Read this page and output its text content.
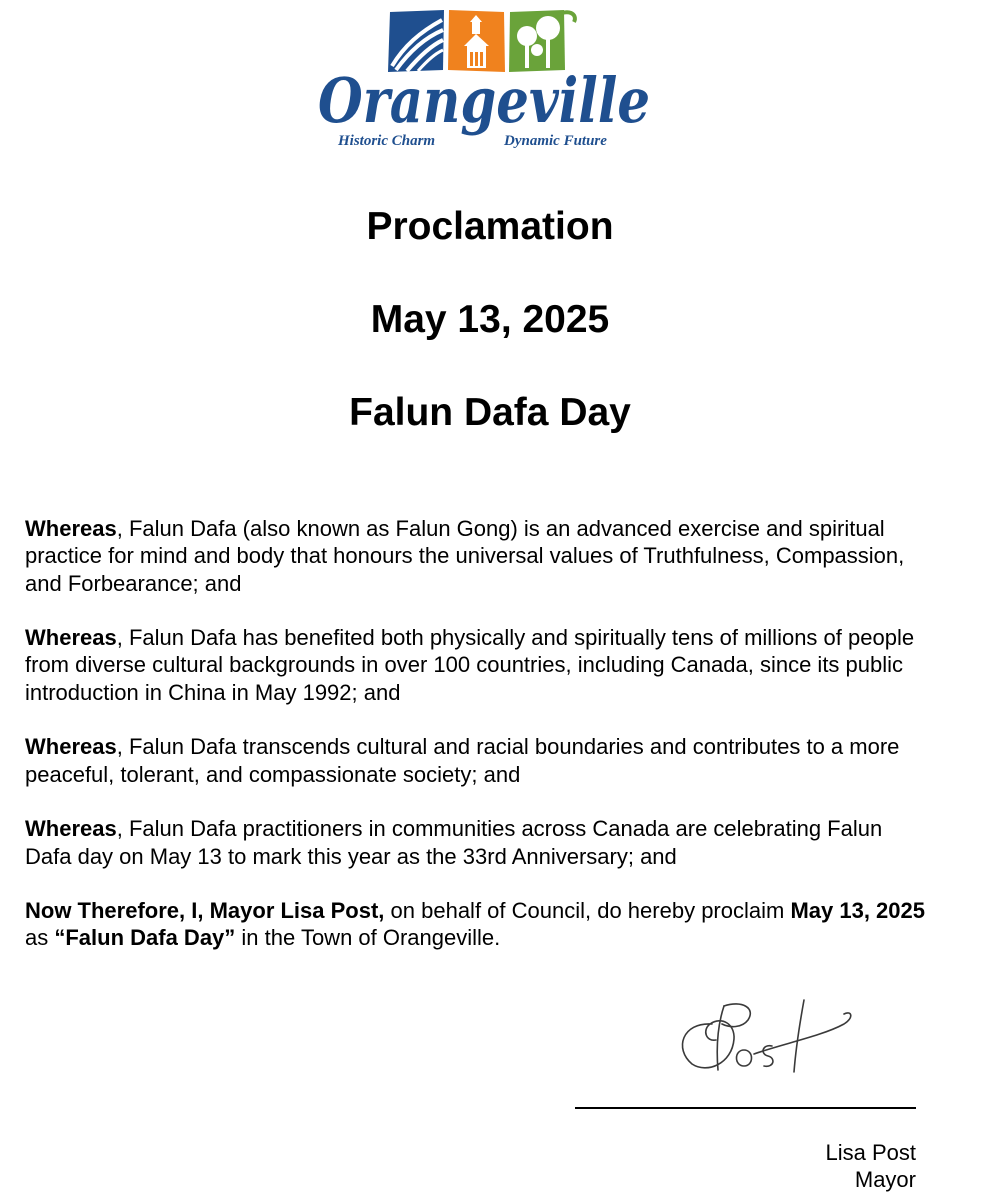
Orangeville
Historic Charm	Dynamic Future
Proclamation
May 13, 2025
Falun Dafa Day

Whereas, Falun Dafa (also known as Falun Gong) is an advanced exercise and spiritual practice for mind and body that honours the universal values of Truthfulness, Compassion, and Forbearance; and

Whereas, Falun Dafa has benefited both physically and spiritually tens of millions of people from diverse cultural backgrounds in over 100 countries, including Canada, since its public introduction in China in May 1992; and

Whereas, Falun Dafa transcends cultural and racial boundaries and contributes to a more peaceful, tolerant, and compassionate society; and

Whereas, Falun Dafa practitioners in communities across Canada are celebrating Falun Dafa day on May 13 to mark this year as the 33rd Anniversary; and

Now Therefore, I, Mayor Lisa Post, on behalf of Council, do hereby proclaim May 13, 2025 as “Falun Dafa Day” in the Town of Orangeville.

Lisa Post
Mayor
